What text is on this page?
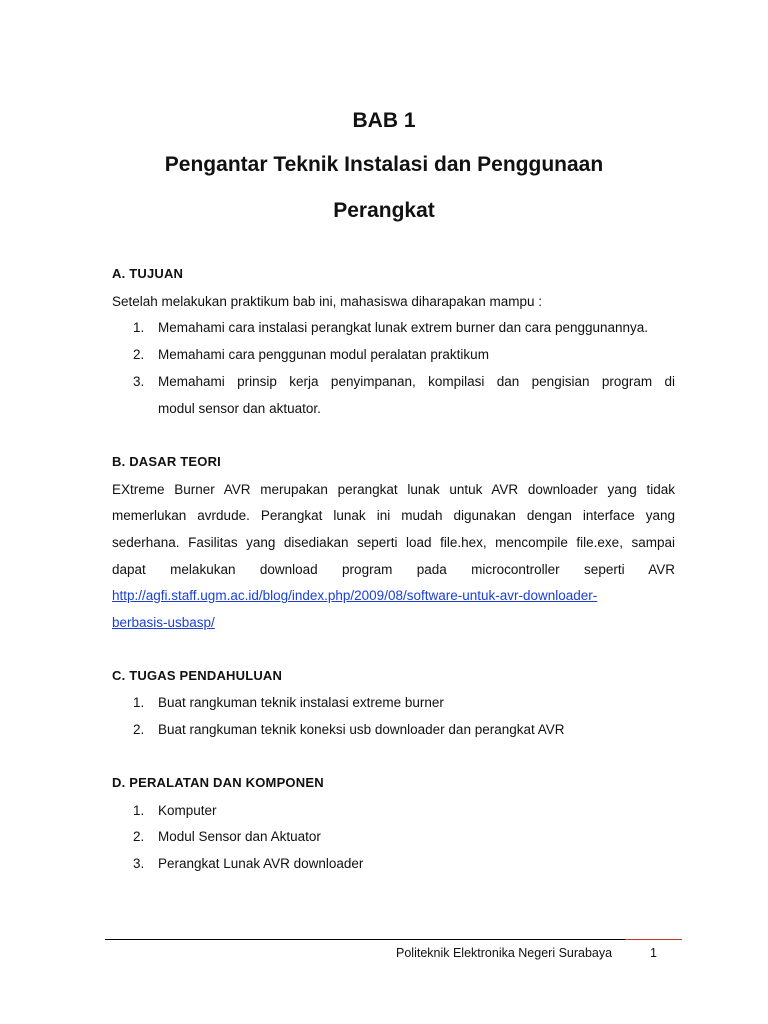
BAB 1
Pengantar Teknik Instalasi dan Penggunaan
Perangkat
A. TUJUAN
Setelah melakukan praktikum bab ini, mahasiswa diharapakan mampu :
1.	Memahami cara instalasi perangkat lunak extrem burner dan cara penggunannya.
2.	Memahami cara penggunan modul peralatan praktikum
3.	Memahami prinsip kerja penyimpanan, kompilasi dan pengisian program di
modul sensor dan aktuator.
B. DASAR TEORI
EXtreme Burner AVR merupakan perangkat lunak untuk AVR downloader yang tidak
memerlukan avrdude. Perangkat lunak ini mudah digunakan dengan interface yang
sederhana. Fasilitas yang disediakan seperti load file.hex, mencompile file.exe, sampai
dapat melakukan download program pada microcontroller seperti AVR
http://agfi.staff.ugm.ac.id/blog/index.php/2009/08/software-untuk-avr-downloader-
berbasis-usbasp/
C. TUGAS PENDAHULUAN
1.	Buat rangkuman teknik instalasi extreme burner
2.	Buat rangkuman teknik koneksi usb downloader dan perangkat AVR
D. PERALATAN DAN KOMPONEN
1.	Komputer
2.	Modul Sensor dan Aktuator
3.	Perangkat Lunak AVR downloader
Politeknik Elektronika Negeri Surabaya	1
